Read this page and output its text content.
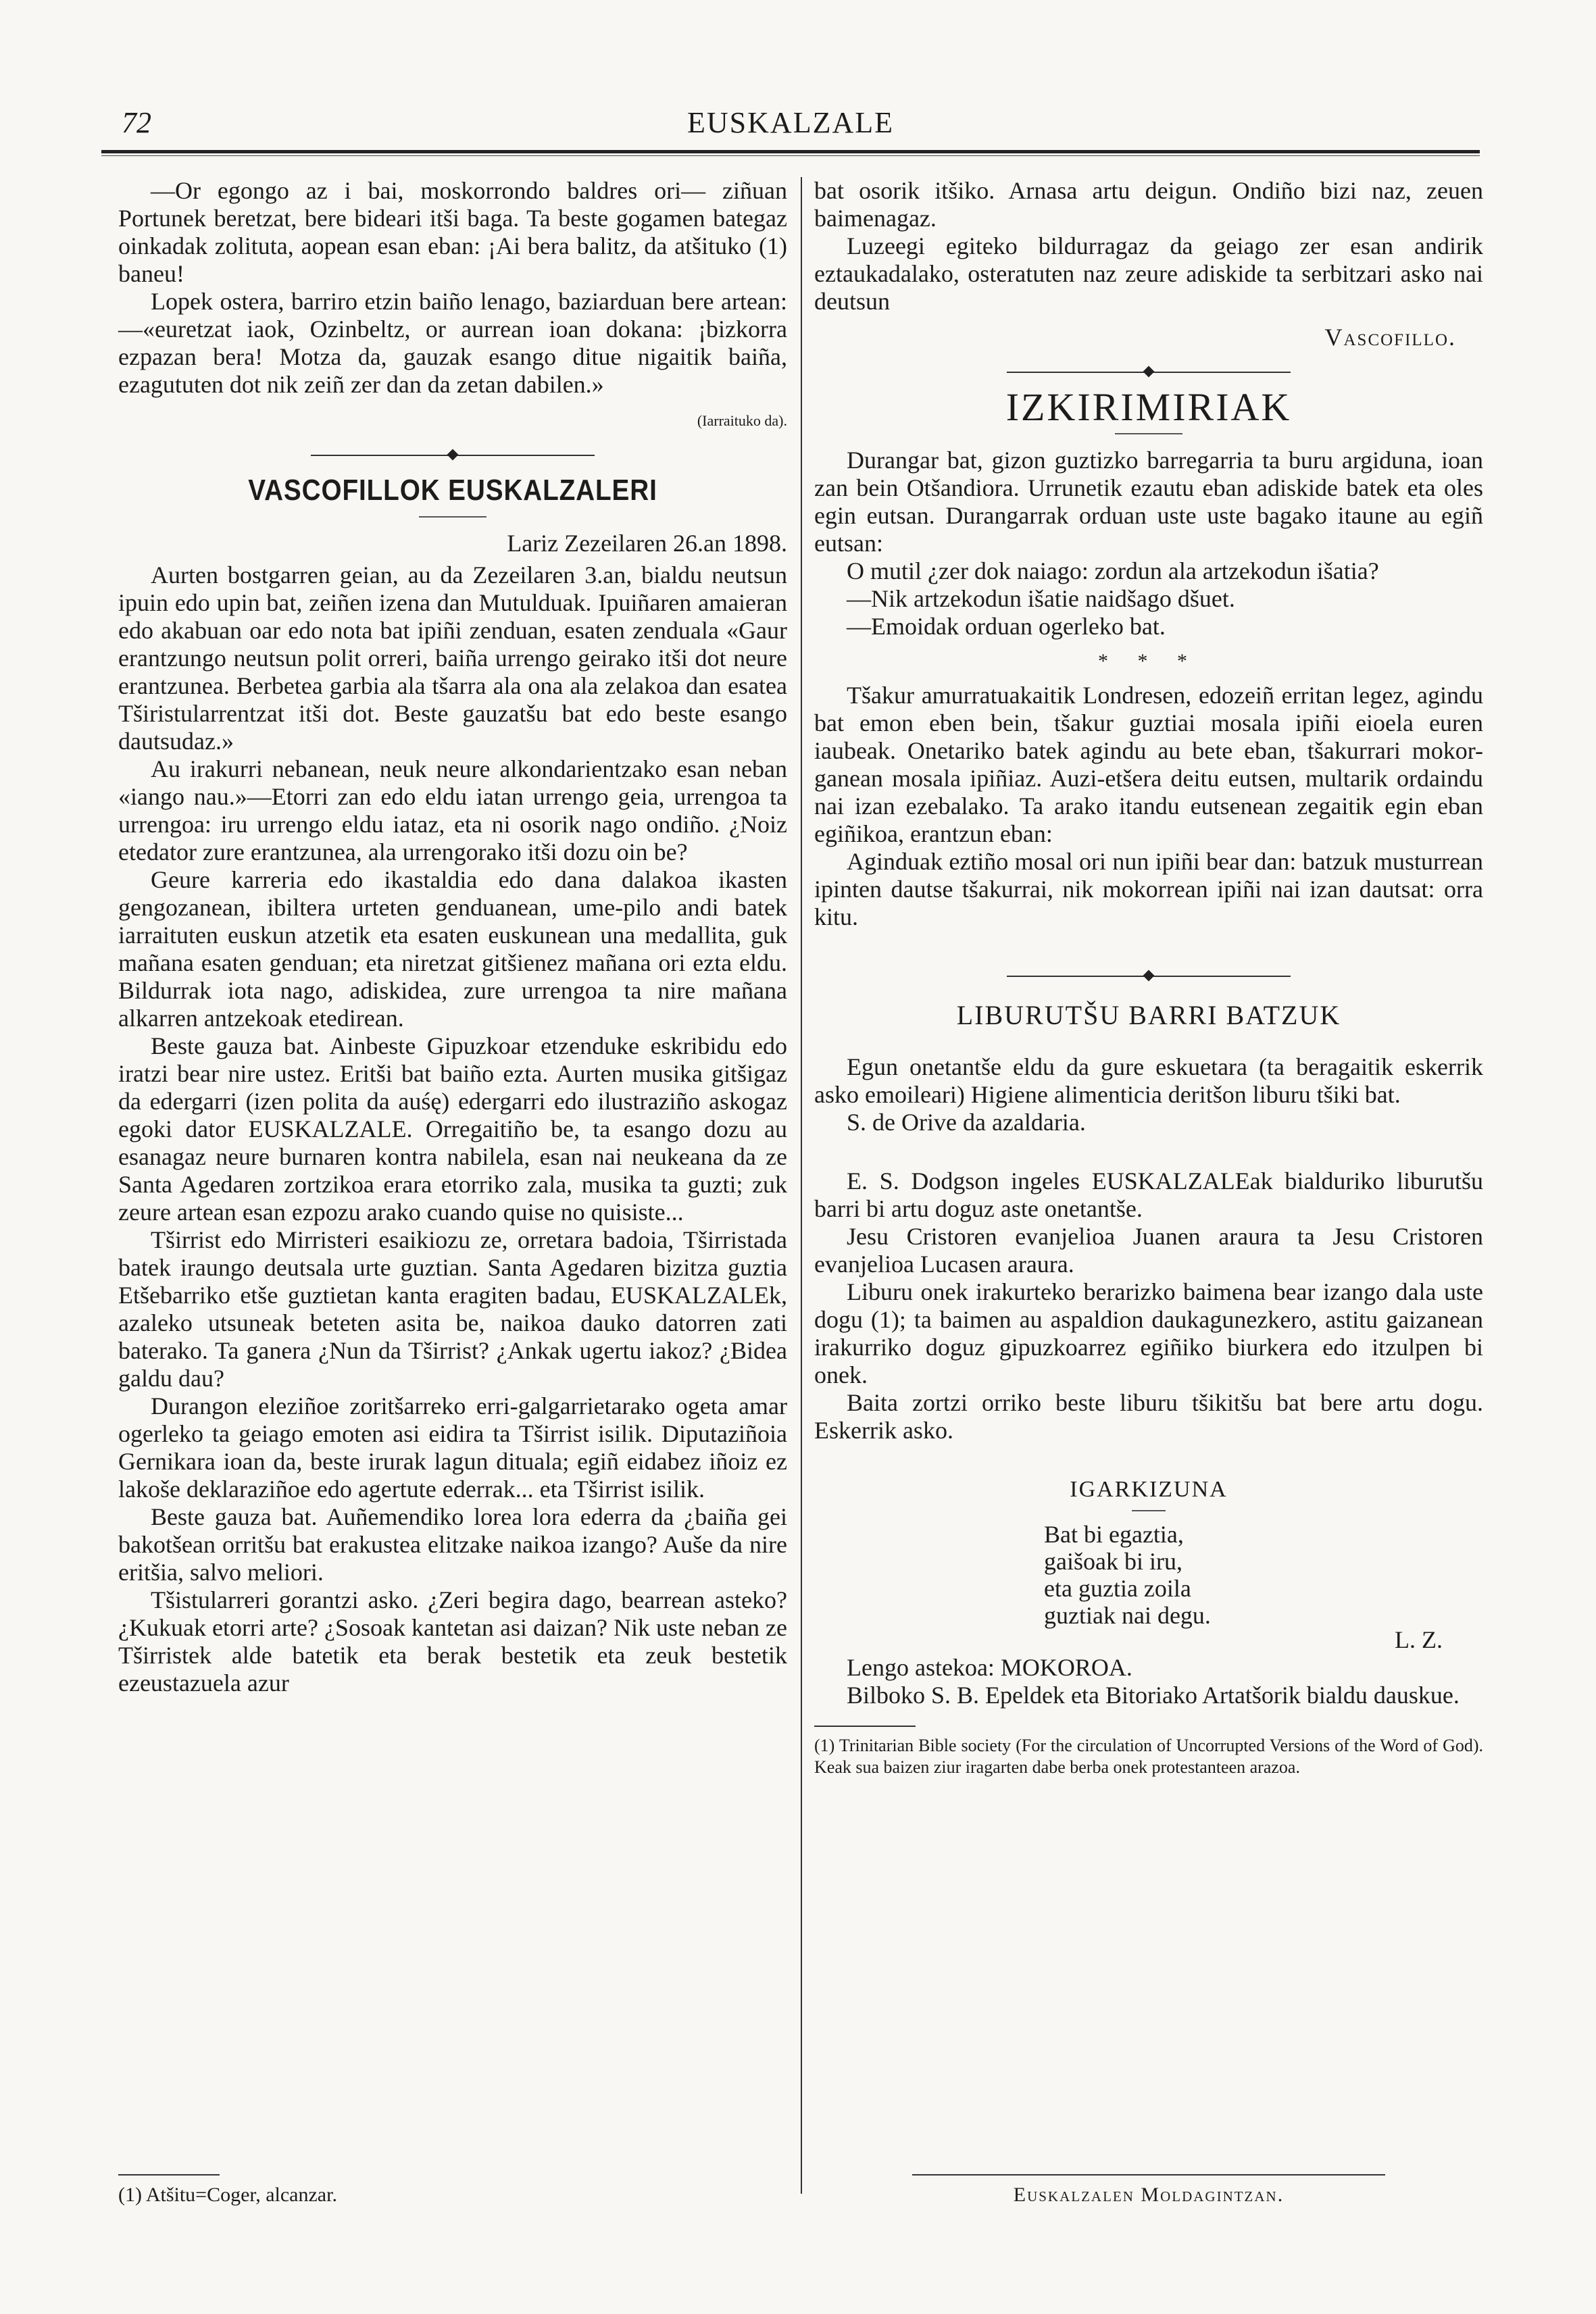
72	EUSKALZALE

—Or egongo az i bai, moskorrondo baldres ori— ziñuan Portunek beretzat, bere bideari itši baga. Ta beste gogamen bategaz oinkadak zolituta, aopean esan eban: ¡Ai bera balitz, da atšituko (1) baneu!

Lopek ostera, barriro etzin baiño lenago, baziarduan bere artean:—«euretzat iaok, Ozinbeltz, or aurrean ioan dokana: ¡bizkorra ezpazan bera! Motza da, gauzak esango ditue nigaitik baiña, ezagututen dot nik zeiñ zer dan da zetan dabilen.»

(Iarraituko da).
VASCOFILLOK EUSKALZALERI
Lariz Zezeilaren 26.an 1898.

Aurten bostgarren geian, au da Zezeilaren 3.an, bialdu neutsun ipuin edo upin bat, zeiñen izena dan Mutulduak. Ipuiñaren amaieran edo akabuan oar edo nota bat ipiñi zenduan, esaten zenduala «Gaur erantzungo neutsun polit orreri, baiña urrengo geirako itši dot neure erantzunea. Berbetea garbia ala tšarra ala ona ala zelakoa dan esatea Tširistularrentzat itši dot. Beste gauzatšu bat edo beste esango dautsudaz.»

Au irakurri nebanean, neuk neure alkondarientzako esan neban «iango nau.»—Etorri zan edo eldu iatan urrengo geia, urrengoa ta urrengoa: iru urrengo eldu iataz, eta ni osorik nago ondiño. ¿Noiz etedator zure erantzunea, ala urrengorako itši dozu oin be?

Geure karreria edo ikastaldia edo dana dalakoa ikasten gengozanean, ibiltera urteten genduanean, ume-pilo andi batek iarraituten euskun atzetik eta esaten euskunean una medallita, guk mañana esaten genduan; eta niretzat gitšienez mañana ori ezta eldu. Bildurrak iota nago, adiskidea, zure urrengoa ta nire mañana alkarren antzekoak etedirean.

Beste gauza bat. Ainbeste Gipuzkoar etzenduke eskribidu edo iratzi bear nire ustez. Eritši bat baiño ezta. Aurten musika gitšigaz da edergarri (izen polita da auśę) edergarri edo ilustraziño askogaz egoki dator EUSKALZALE. Orregaitiño be, ta esango dozu au esanagaz neure burnaren kontra nabilela, esan nai neukeana da ze Santa Agedaren zortzikoa erara etorriko zala, musika ta guzti; zuk zeure artean esan ezpozu arako cuando quise no quisiste...

Tširrist edo Mirristeri esaikiozu ze, orretara badoia, Tširristada batek iraungo deutsala urte guztian. Santa Agedaren bizitza guztia Etšebarriko etše guztietan kanta eragiten badau, EUSKALZALEk, azaleko utsuneak beteten asita be, naikoa dauko datorren zati baterako. Ta ganera ¿Nun da Tširrist? ¿Ankak ugertu iakoz? ¿Bidea galdu dau?

Durangon eleziñoe zoritšarreko erri-galgarrietarako ogeta amar ogerleko ta geiago emoten asi eidira ta Tširrist isilik. Diputaziñoia Gernikara ioan da, beste irurak lagun dituala; egiñ eidabez iñoiz ez lakoše deklaraziñoe edo agertute ederrak... eta Tširrist isilik.

Beste gauza bat. Auñemendiko lorea lora ederra da ¿baiña gei bakotšean orritšu bat erakustea elitzake naikoa izango? Auše da nire eritšia, salvo meliori.

Tšistularreri gorantzi asko. ¿Zeri begira dago, bearrean asteko? ¿Kukuak etorri arte? ¿Sosoak kantetan asi daizan? Nik uste neban ze Tširristek alde batetik eta berak bestetik eta zeuk bestetik ezeustazuela azur

(1) Atšitu=Coger, alcanzar.

bat osorik itšiko. Arnasa artu deigun. Ondiño bizi naz, zeuen baimenagaz.

Luzeegi egiteko bildurragaz da geiago zer esan andirik eztaukadalako, osteratuten naz zeure adiskide ta serbitzari asko nai deutsun

Vascofillo.
IZKIRIMIRIAK

Durangar bat, gizon guztizko barregarria ta buru argiduna, ioan zan bein Otšandiora. Urrunetik ezautu eban adiskide batek eta oles egin eutsan. Durangarrak orduan uste uste bagako itaune au egiñ eutsan:

O mutil ¿zer dok naiago: zordun ala artzekodun išatia?

—Nik artzekodun išatie naidšago dšuet.

—Emoidak orduan ogerleko bat.

* * *

Tšakur amurratuakaitik Londresen, edozeiñ erritan legez, agindu bat emon eben bein, tšakur guztiai mosala ipiñi eioela euren iaubeak. Onetariko batek agindu au bete eban, tšakurrari mokor-ganean mosala ipiñiaz. Auzi-etšera deitu eutsen, multarik ordaindu nai izan ezebalako. Ta arako itandu eutsenean zegaitik egin eban egiñikoa, erantzun eban:

Aginduak eztiño mosal ori nun ipiñi bear dan: batzuk musturrean ipinten dautse tšakurrai, nik mokorrean ipiñi nai izan dautsat: orra kitu.

LIBURUTŠU BARRI BATZUK

Egun onetantše eldu da gure eskuetara (ta beragaitik eskerrik asko emoileari) Higiene alimenticia deritšon liburu tšiki bat.

S. de Orive da azaldaria.

E. S. Dodgson ingeles EUSKALZALEak bialduriko liburutšu barri bi artu doguz aste onetantše.

Jesu Cristoren evanjelioa Juanen araura ta Jesu Cristoren evanjelioa Lucasen araura.

Liburu onek irakurteko berarizko baimena bear izango dala uste dogu (1); ta baimen au aspaldion daukagunezkero, astitu gaizanean irakurriko doguz gipuzkoarrez egiñiko biurkera edo itzulpen bi onek.

Baita zortzi orriko beste liburu tšikitšu bat bere artu dogu. Eskerrik asko.

IGARKIZUNA
Bat bi egaztia,
gaišoak bi iru,
eta guztia zoila
guztiak nai degu.
L. Z.

Lengo astekoa: MOKOROA.

Bilboko S. B. Epeldek eta Bitoriako Artatšorik bialdu dauskue.

(1) Trinitarian Bible society (For the circulation of Uncorrupted Versions of the Word of God). Keak sua baizen ziur iragarten dabe berba onek protestanteen arazoa.

Euskalzalen Moldagintzan.
